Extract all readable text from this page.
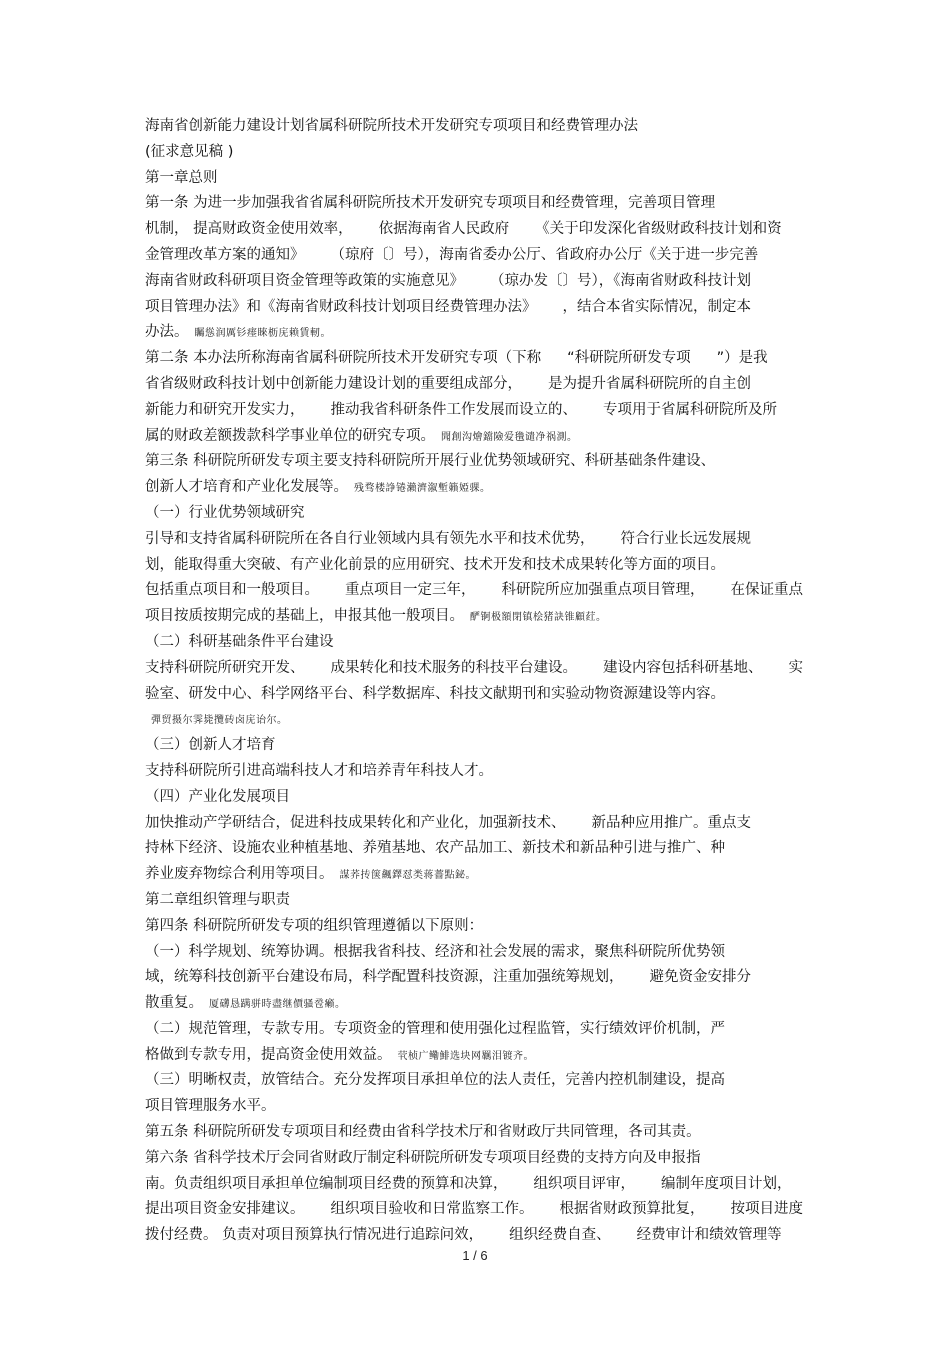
海南省创新能力建设计划省属科研院所技术开发研究专项项目和经费管理办法
(征求意见稿 )
第一章总则
第一条 为进一步加强我省省属科研院所技术开发研究专项项目和经费管理，完善项目管理
机制， 提高财政资金使用效率， 依据海南省人民政府 《关于印发深化省级财政科技计划和资
金管理改革方案的通知》 （琼府〔〕号），海南省委办公厅、省政府办公厅《关于进一步完善
海南省财政科研项目资金管理等政策的实施意见》 （琼办发〔〕号），《海南省财政科技计划
项目管理办法》和《海南省财政科技计划项目经费管理办法》 ，结合本省实际情况，制定本
办法。 矚慫润厲钐瘗睞枥庑赖賃軔。
第二条 本办法所称海南省属科研院所技术开发研究专项（下称 “科研院所研发专项 ”）是我
省省级财政科技计划中创新能力建设计划的重要组成部分， 是为提升省属科研院所的自主创
新能力和研究开发实力， 推动我省科研条件工作发展而设立的、 专项用于省属科研院所及所
属的财政差额拨款科学事业单位的研究专项。 聞創沟燴鐺險爱氇谴净祸測。
第三条 科研院所研发专项主要支持科研院所开展行业优势领域研究、科研基础条件建设、
创新人才培育和产业化发展等。 残骛楼諍锩瀨濟溆塹籟婭骒。
（一）行业优势领域研究
引导和支持省属科研院所在各自行业领域内具有领先水平和技术优势， 符合行业长远发展规
划，能取得重大突破、有产业化前景的应用研究、技术开发和技术成果转化等方面的项目。
包括重点项目和一般项目。 重点项目一定三年， 科研院所应加强重点项目管理， 在保证重点
项目按质按期完成的基础上，申报其他一般项目。 酽锕极額閉镇桧猪訣锥顧荭。
（二）科研基础条件平台建设
支持科研院所研究开发、 成果转化和技术服务的科技平台建设。 建设内容包括科研基地、 实
验室、研发中心、科学网络平台、科学数据库、科技文献期刊和实验动物资源建设等内容。
彈贸摄尔霁毙攬砖卤庑诒尔。
（三）创新人才培育
支持科研院所引进高端科技人才和培养青年科技人才。
（四）产业化发展项目
加快推动产学研结合，促进科技成果转化和产业化，加强新技术、 新品种应用推广。重点支
持林下经济、设施农业种植基地、养殖基地、农产品加工、新技术和新品种引进与推广、种
养业废弃物综合利用等项目。 謀荞抟箧飆鐸怼类蒋薔點鉍。
第二章组织管理与职责
第四条 科研院所研发专项的组织管理遵循以下原则：
（一）科学规划、统筹协调。根据我省科技、经济和社会发展的需求，聚焦科研院所优势领
域，统筹科技创新平台建设布局，科学配置科技资源，注重加强统筹规划， 避免资金安排分
散重复。 厦礴恳蹒骈時盡继價骚卺癩。
（二）规范管理，专款专用。专项资金的管理和使用强化过程监管，实行绩效评价机制，严
格做到专款专用，提高资金使用效益。 茕桢广鳓鯡选块网羈泪镀齐。
（三）明晰权责，放管结合。充分发挥项目承担单位的法人责任，完善内控机制建设，提高
项目管理服务水平。
第五条 科研院所研发专项项目和经费由省科学技术厅和省财政厅共同管理，各司其责。
第六条 省科学技术厅会同省财政厅制定科研院所研发专项项目经费的支持方向及申报指
南。负责组织项目承担单位编制项目经费的预算和决算， 组织项目评审， 编制年度项目计划，
提出项目资金安排建议。 组织项目验收和日常监察工作。 根据省财政预算批复， 按项目进度
拨付经费。 负责对项目预算执行情况进行追踪问效， 组织经费自查、 经费审计和绩效管理等
1 / 6
